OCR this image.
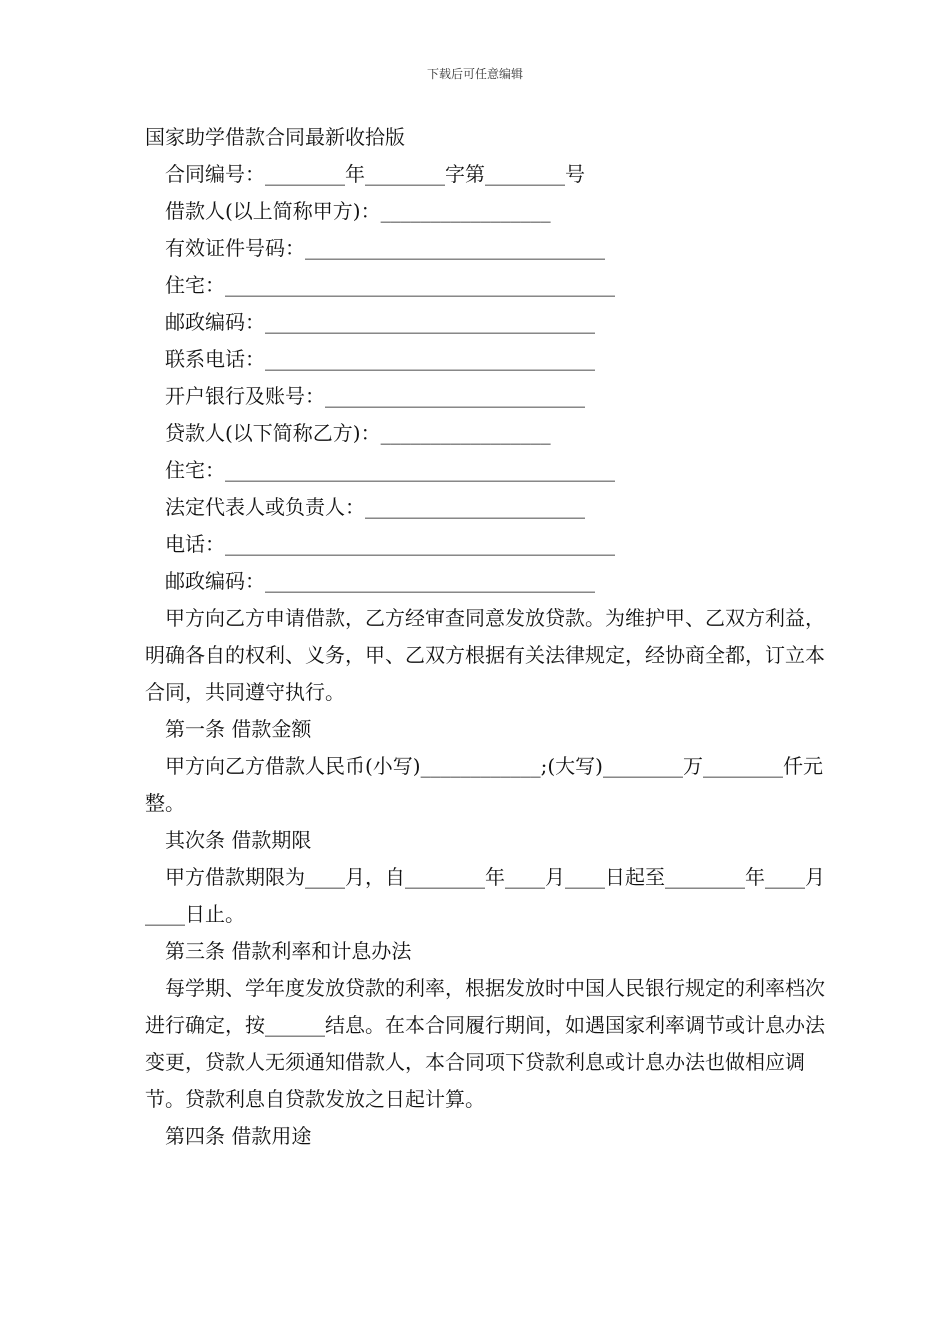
下载后可任意编辑
国家助学借款合同最新收拾版
合同编号：________年________字第________号
借款人(以上简称甲方)：_________________
有效证件号码：______________________________
住宅：_______________________________________
邮政编码：_________________________________
联系电话：_________________________________
开户银行及账号：__________________________
贷款人(以下简称乙方)：_________________
住宅：_______________________________________
法定代表人或负责人：______________________
电话：_______________________________________
邮政编码：_________________________________
甲方向乙方申请借款，乙方经审查同意发放贷款。为维护甲、乙双方利益，明确各自的权利、义务，甲、乙双方根据有关法律规定，经协商全都，订立本合同，共同遵守执行。
第一条 借款金额
甲方向乙方借款人民币(小写)____________;(大写)________万________仟元整。
其次条 借款期限
甲方借款期限为____月，自________年____月____日起至________年____月____日止。
第三条 借款利率和计息办法
每学期、学年度发放贷款的利率，根据发放时中国人民银行规定的利率档次进行确定，按______结息。在本合同履行期间，如遇国家利率调节或计息办法变更，贷款人无须通知借款人，本合同项下贷款利息或计息办法也做相应调节。贷款利息自贷款发放之日起计算。
第四条 借款用途
